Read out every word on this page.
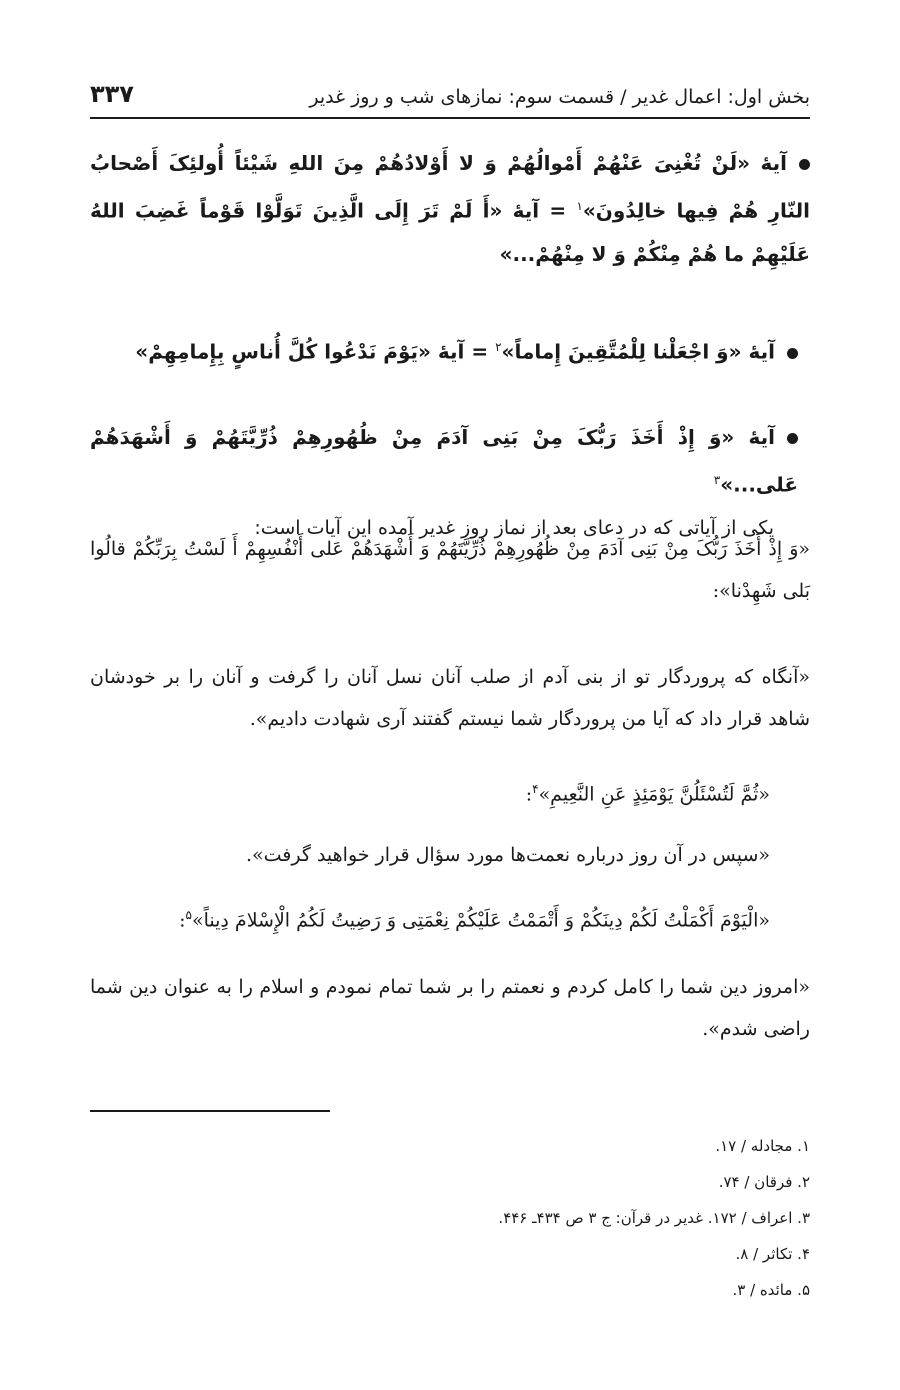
بخش اول: اعمال غدیر / قسمت سوم: نمازهای شب و روز غدیر
۳۳۷
آیهٔ «لَنْ تُغْنِیَ عَنْهُمْ أَمْوالُهُمْ وَ لا أَوْلادُهُمْ مِنَ اللهِ شَیْئاً أُولئِکَ أَصْحابُ النّارِ هُمْ فِیها خالِدُونَ»$^۱$ = آیهٔ «أَ لَمْ تَرَ إِلَی الَّذِینَ تَوَلَّوْا قَوْماً غَضِبَ اللهُ عَلَیْهِمْ ما هُمْ مِنْکُمْ وَ لا مِنْهُمْ...»
آیهٔ «وَ اجْعَلْنا لِلْمُتَّقِینَ إِماماً»$^۲$ = آیهٔ «یَوْمَ نَدْعُوا کُلَّ أُناسٍ بِإِمامِهِمْ»
آیهٔ «وَ إِذْ أَخَذَ رَبُّکَ مِنْ بَنِی آدَمَ مِنْ ظُهُورِهِمْ ذُرِّیَّتَهُمْ وَ أَشْهَدَهُمْ عَلی...»$^۳$
یکی از آیاتی که در دعای بعد از نماز روز غدیر آمده این آیات است:
«وَ إِذْ أَخَذَ رَبُّکَ مِنْ بَنِی آدَمَ مِنْ ظُهُورِهِمْ ذُرِّیَّتَهُمْ وَ أَشْهَدَهُمْ عَلی أَنْفُسِهِمْ أَ لَسْتُ بِرَبِّکُمْ قالُوا بَلی شَهِدْنا»:
«آنگاه که پروردگار تو از بنی آدم از صلب آنان نسل آنان را گرفت و آنان را بر خودشان شاهد قرار داد که آیا من پروردگار شما نیستم گفتند آری شهادت دادیم».
«ثُمَّ لَتُسْئَلُنَّ یَوْمَئِذٍ عَنِ النَّعِیمِ»$^۴$:
«سپس در آن روز درباره نعمت‌ها مورد سؤال قرار خواهید گرفت».
«الْیَوْمَ أَکْمَلْتُ لَکُمْ دِینَکُمْ وَ أَتْمَمْتُ عَلَیْکُمْ نِعْمَتِی وَ رَضِیتُ لَکُمُ الْإِسْلامَ دِیناً»$^۵$:
«امروز دین شما را کامل کردم و نعمتم را بر شما تمام نمودم و اسلام را به عنوان دین شما راضی شدم».
۱. مجادله / ۱۷.
۲. فرقان / ۷۴.
۳. اعراف / ۱۷۲. غدیر در قرآن: ج ۳ ص ۴۳۴ـ ۴۴۶.
۴. تکاثر / ۸.
۵. مائده / ۳.
